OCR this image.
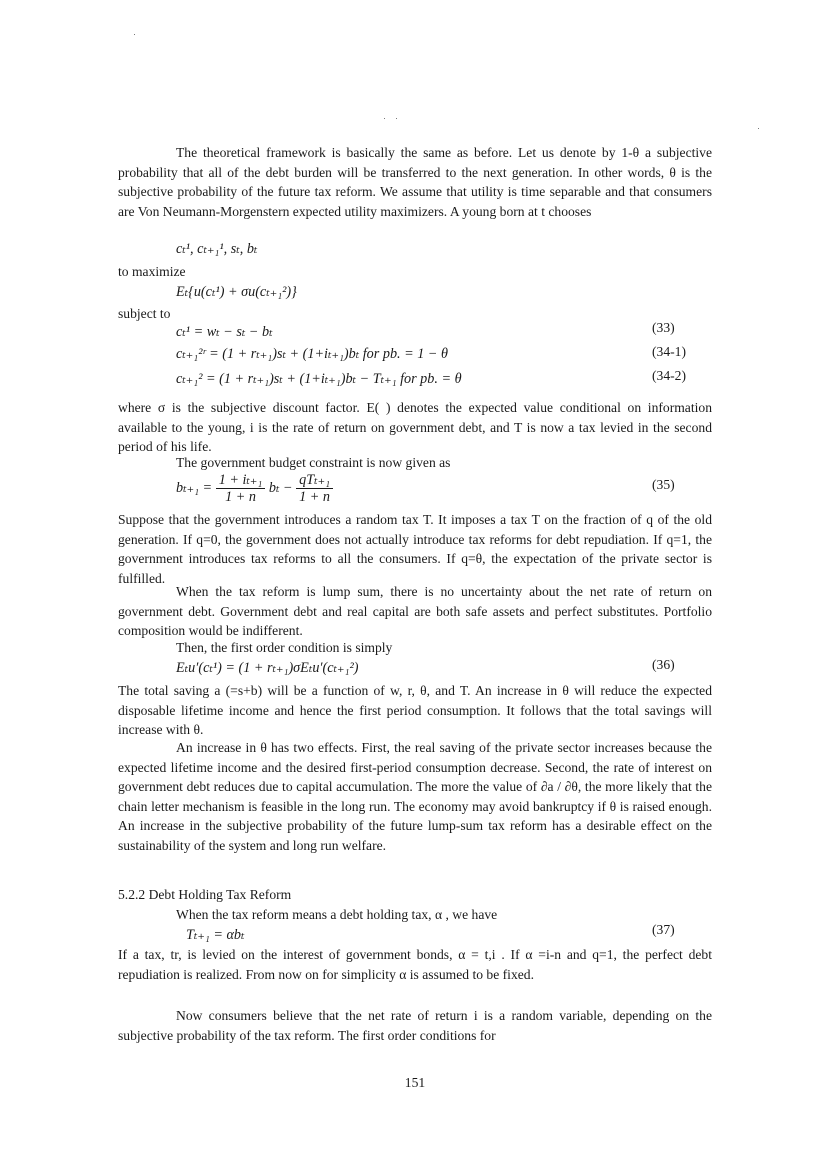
The theoretical framework is basically the same as before. Let us denote by 1-θ a subjective probability that all of the debt burden will be transferred to the next generation. In other words, θ is the subjective probability of the future tax reform. We assume that utility is time separable and that consumers are Von Neumann-Morgenstern expected utility maximizers. A young born at t chooses

cₜ¹, cₜ₊₁¹, sₜ, bₜ
to maximize
Eₜ{u(cₜ¹) + σu(cₜ₊₁²)}
subject to
cₜ¹ = wₜ − sₜ − bₜ	(33)
cₜ₊₁²ʳ = (1 + rₜ₊₁)sₜ + (1+iₜ₊₁)bₜ for pb. = 1 − θ	(34-1)
cₜ₊₁² = (1 + rₜ₊₁)sₜ + (1+iₜ₊₁)bₜ − Tₜ₊₁ for pb. = θ	(34-2)

where σ is the subjective discount factor. E( ) denotes the expected value conditional on information available to the young, i is the rate of return on government debt, and T is now a tax levied in the second period of his life.

The government budget constraint is now given as

$b_{t+1} = \frac{\text{1 + iₜ₊₁}}{1 + n}$ $b_t - \frac{\text{qTₜ₊₁}}{1 + n}$	(35)

Suppose that the government introduces a random tax T. It imposes a tax T on the fraction of q of the old generation. If q=0, the government does not actually introduce tax reforms for debt repudiation. If q=1, the government introduces tax reforms to all the consumers. If q=θ, the expectation of the private sector is fulfilled.

When the tax reform is lump sum, there is no uncertainty about the net rate of return on government debt. Government debt and real capital are both safe assets and perfect substitutes. Portfolio composition would be indifferent.

Then, the first order condition is simply

Eₜu′(cₜ¹) = (1 + rₜ₊₁)σEₜu′(cₜ₊₁²)	(36)

The total saving a (=s+b) will be a function of w, r, θ, and T. An increase in θ will reduce the expected disposable lifetime income and hence the first period consumption. It follows that the total savings will increase with θ.

An increase in θ has two effects. First, the real saving of the private sector increases because the expected lifetime income and the desired first-period consumption decrease. Second, the rate of interest on government debt reduces due to capital accumulation. The more the value of ∂a / ∂θ, the more likely that the chain letter mechanism is feasible in the long run. The economy may avoid bankruptcy if θ is raised enough. An increase in the subjective probability of the future lump-sum tax reform has a desirable effect on the sustainability of the system and long run welfare.

5.2.2 Debt Holding Tax Reform

When the tax reform means a debt holding tax, α , we have

Tₜ₊₁ = αbₜ	(37)

If a tax, tr, is levied on the interest of government bonds, α = t,i . If α =i-n and q=1, the perfect debt repudiation is realized. From now on for simplicity α is assumed to be fixed.

Now consumers believe that the net rate of return i is a random variable, depending on the subjective probability of the tax reform. The first order conditions for

151
